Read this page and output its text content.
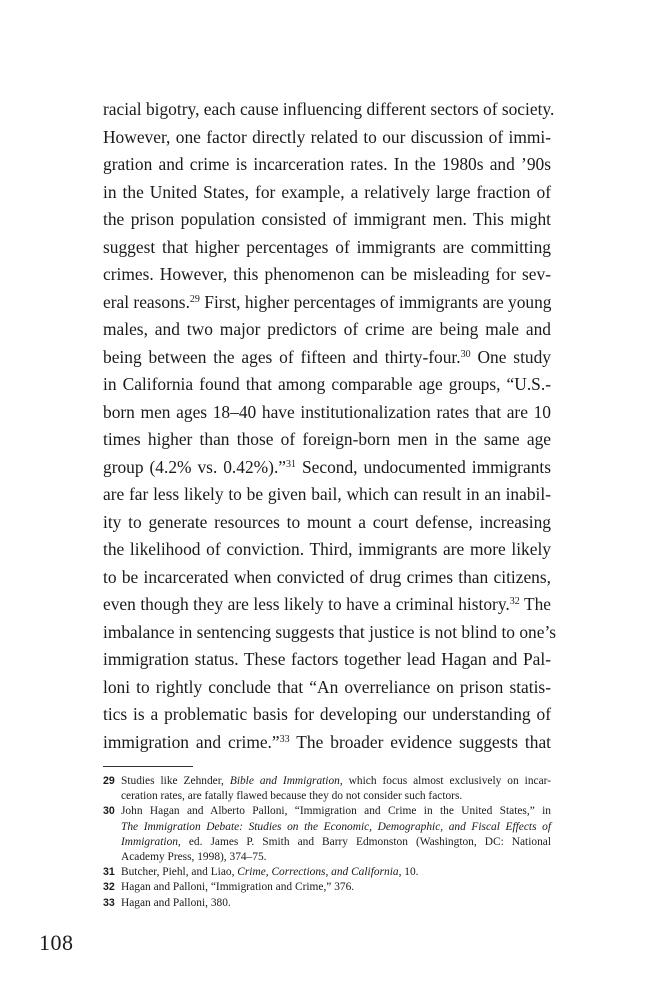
racial bigotry, each cause influencing different sectors of society.
However, one factor directly related to our discussion of immi-
gration and crime is incarceration rates. In the 1980s and ’90s
in the United States, for example, a relatively large fraction of
the prison population consisted of immigrant men. This might
suggest that higher percentages of immigrants are committing
crimes. However, this phenomenon can be misleading for sev-
eral reasons.$^{29}$ First, higher percentages of immigrants are young
males, and two major predictors of crime are being male and
being between the ages of fifteen and thirty-four.$^{30}$ One study
in California found that among comparable age groups, “U.S.-
born men ages 18–40 have institutionalization rates that are 10
times higher than those of foreign-born men in the same age
group (4.2% vs. 0.42%).”$^{31}$ Second, undocumented immigrants
are far less likely to be given bail, which can result in an inabil-
ity to generate resources to mount a court defense, increasing
the likelihood of conviction. Third, immigrants are more likely
to be incarcerated when convicted of drug crimes than citizens,
even though they are less likely to have a criminal history.$^{32}$ The
imbalance in sentencing suggests that justice is not blind to one’s
immigration status. These factors together lead Hagan and Pal-
loni to rightly conclude that “An overreliance on prison statis-
tics is a problematic basis for developing our understanding of
immigration and crime.”$^{33}$ The broader evidence suggests that
29 Studies like Zehnder, Bible and Immigration, which focus almost exclusively on incar-
ceration rates, are fatally flawed because they do not consider such factors.
30 John Hagan and Alberto Palloni, “Immigration and Crime in the United States,” in
The Immigration Debate: Studies on the Economic, Demographic, and Fiscal Effects of
Immigration, ed. James P. Smith and Barry Edmonston (Washington, DC: National
Academy Press, 1998), 374–75.
31 Butcher, Piehl, and Liao, Crime, Corrections, and California, 10.
32 Hagan and Palloni, “Immigration and Crime,” 376.
33 Hagan and Palloni, 380.
108
